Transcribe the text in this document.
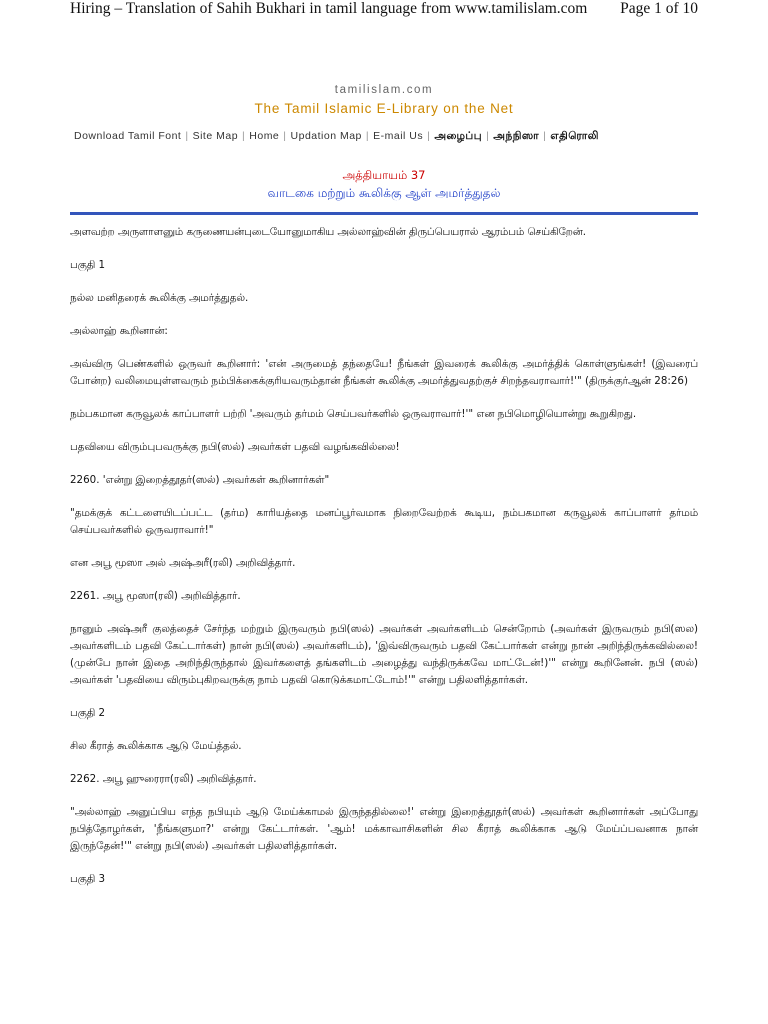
Hiring – Translation of Sahih Bukhari in tamil language from www.tamilislam.com Page 1 of 10
tamilislam.com
The Tamil Islamic E-Library on the Net
Download Tamil Font | Site Map | Home | Updation Map | E-mail Us | அழைப்பு | அந்நிஸா | எதிரொலி
அத்தியாயம் 37
வாடகை மற்றும் கூலிக்கு ஆள் அமர்த்துதல்

அளவற்ற அருளாளனும் கருணையன்புடையோனுமாகிய அல்லாஹ்வின் திருப்பெயரால் ஆரம்பம் செய்கிறேன்.

பகுதி 1

நல்ல மனிதரைக் கூலிக்கு அமர்த்துதல்.

அல்லாஹ் கூறினான்:

அவ்விரு பெண்களில் ஒருவர் கூறினார்: 'என் அருமைத் தந்தையே! நீங்கள் இவரைக் கூலிக்கு அமர்த்திக் கொள்ளுங்கள்! (இவரைப் போன்ற) வலிமையுள்ளவரும் நம்பிக்கைக்குரியவரும்தான் நீங்கள் கூலிக்கு அமர்த்துவதற்குச் சிறந்தவராவார்!'" (திருக்குர்ஆன் 28:26)

நம்பகமான கருவூலக் காப்பாளர் பற்றி 'அவரும் தர்மம் செய்பவர்களில் ஒருவராவார்!'" என நபிமொழியொன்று கூறுகிறது.

பதவியை விரும்புபவருக்கு நபி(ஸல்) அவர்கள் பதவி வழங்கவில்லை!

2260. 'என்று இறைத்தூதர்(ஸல்) அவர்கள் கூறினார்கள்"

"தமக்குக் கட்டளையிடப்பட்ட (தர்ம) காரியத்தை மனப்பூர்வமாக நிறைவேற்றக் கூடிய, நம்பகமான கருவூலக் காப்பாளர் தர்மம் செய்பவர்களில் ஒருவராவார்!"

என அபூ மூஸா அல் அஷ்அரீ(ரலி) அறிவித்தார்.

2261. அபூ மூஸா(ரலி) அறிவித்தார்.

நானும் அஷ்அரீ குலத்தைச் சேர்ந்த மற்றும் இருவரும் நபி(ஸல்) அவர்கள் அவர்களிடம் சென்றோம் (அவர்கள் இருவரும் நபி(ஸல) அவர்களிடம் பதவி கேட்டார்கள்) நான் நபி(ஸல்) அவர்களிடம்), 'இவ்விருவரும் பதவி கேட்பார்கள் என்று நான் அறிந்திருக்கவில்லை! (முன்பே நான் இதை அறிந்திருந்தால் இவர்களைத் தங்களிடம் அழைத்து வந்திருக்கவே மாட்டேன்!)'" என்று கூறினேன். நபி (ஸல்) அவர்கள் 'பதவியை விரும்புகிறவருக்கு நாம் பதவி கொடுக்கமாட்டோம்!'" என்று பதிலளித்தார்கள்.

பகுதி 2

சில கீராத் கூலிக்காக ஆடு மேய்த்தல்.

2262. அபூ ஹுரைரா(ரலி) அறிவித்தார்.

"அல்லாஹ் அனுப்பிய எந்த நபியும் ஆடு மேய்க்காமல் இருந்ததில்லை!' என்று இறைத்தூதர்(ஸல்) அவர்கள் கூறினார்கள் அப்போது நபித்தோழர்கள், 'நீங்களுமா?' என்று கேட்டார்கள். 'ஆம்! மக்காவாசிகளின் சில கீராத் கூலிக்காக ஆடு மேய்ப்பவனாக நான் இருந்தேன்!'" என்று நபி(ஸல்) அவர்கள் பதிலளித்தார்கள்.

பகுதி 3
